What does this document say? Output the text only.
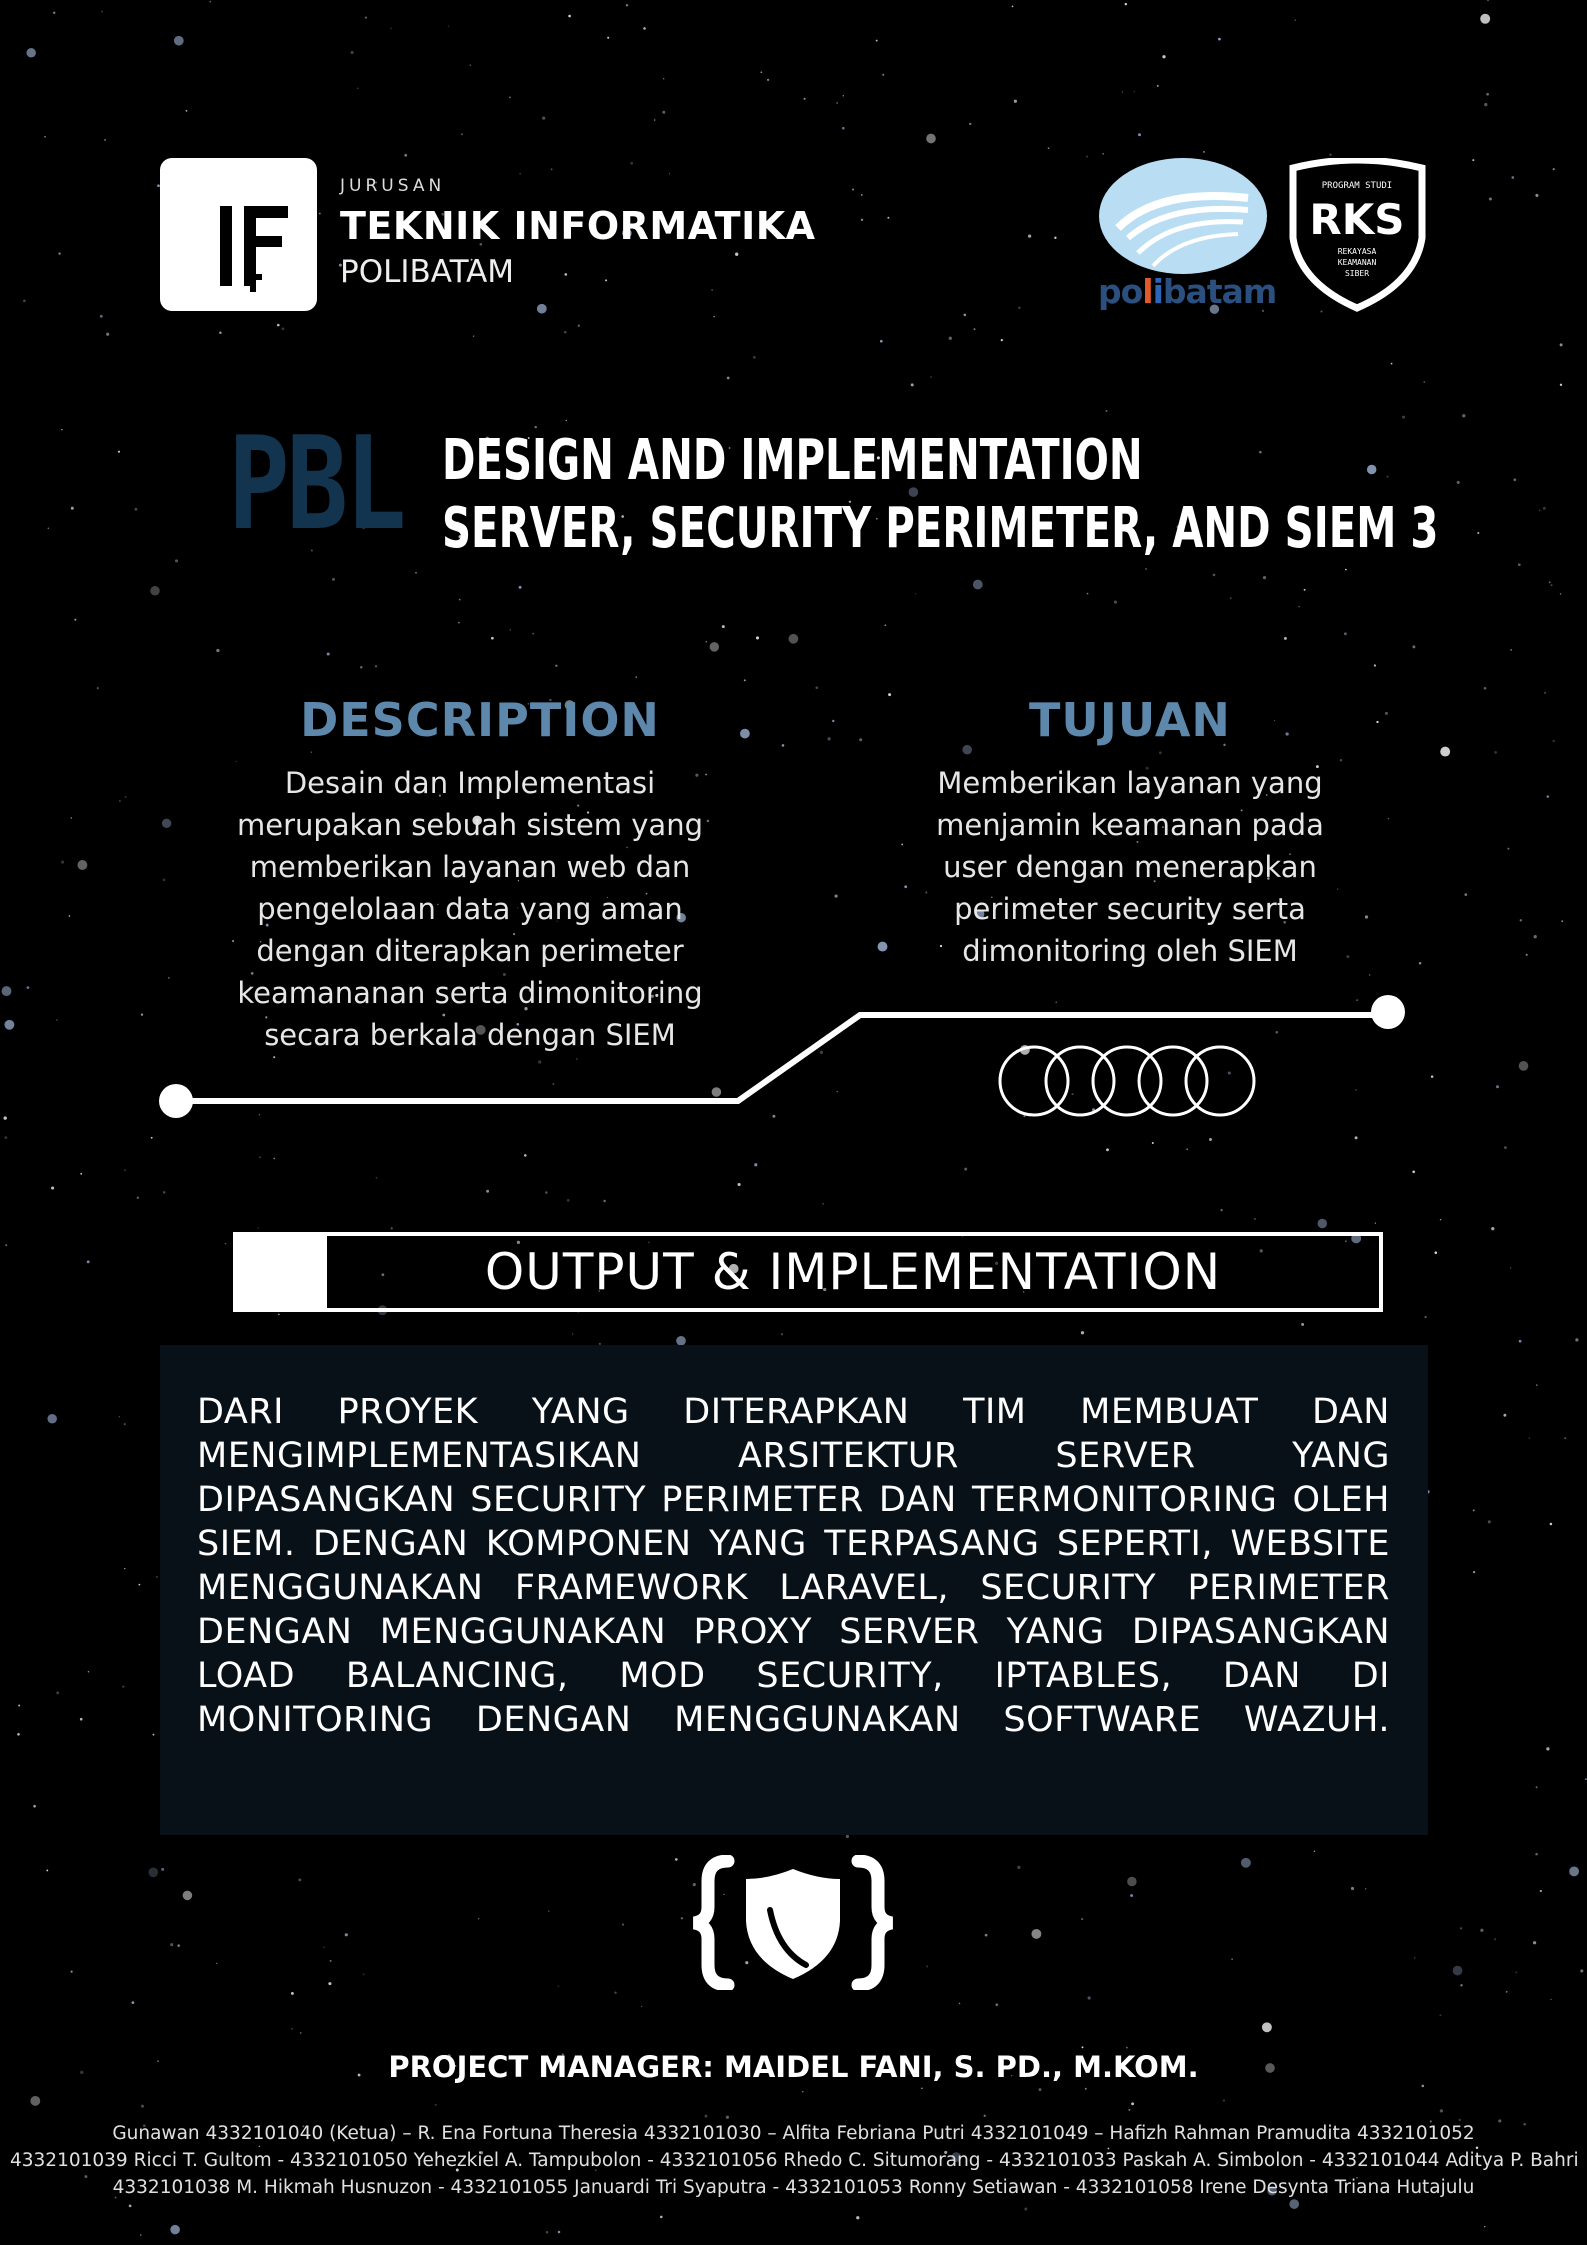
JURUSAN
TEKNIK INFORMATIKA
POLIBATAM	polibatam
PROGRAM STUDI
RKS
REKAYASA
KEAMANAN
SIBER
PBL DESIGN AND IMPLEMENTATION
SERVER, SECURITY PERIMETER, AND SIEM 3
DESCRIPTION
Desain dan Implementasi
merupakan sebuah sistem yang
memberikan layanan web dan
pengelolaan data yang aman
dengan diterapkan perimeter
keamananan serta dimonitoring
secara berkala dengan SIEM
TUJUAN
Memberikan layanan yang
menjamin keamanan pada
user dengan menerapkan
perimeter security serta
dimonitoring oleh SIEM
OUTPUT & IMPLEMENTATION
DARI PROYEK YANG DITERAPKAN TIM MEMBUAT DAN MENGIMPLEMENTASIKAN ARSITEKTUR SERVER YANG DIPASANGKAN SECURITY PERIMETER DAN TERMONITORING OLEH SIEM. DENGAN KOMPONEN YANG TERPASANG SEPERTI, WEBSITE MENGGUNAKAN FRAMEWORK LARAVEL, SECURITY PERIMETER DENGAN MENGGUNAKAN PROXY SERVER YANG DIPASANGKAN LOAD BALANCING, MOD SECURITY, IPTABLES, DAN DI MONITORING DENGAN MENGGUNAKAN SOFTWARE WAZUH.
PROJECT MANAGER: MAIDEL FANI, S. PD., M.KOM.
Gunawan 4332101040 (Ketua) – R. Ena Fortuna Theresia 4332101030 – Alfita Febriana Putri 4332101049 – Hafizh Rahman Pramudita 4332101052
4332101039 Ricci T. Gultom - 4332101050 Yehezkiel A. Tampubolon - 4332101056 Rhedo C. Situmorang - 4332101033 Paskah A. Simbolon - 4332101044 Aditya P. Bahri
4332101038 M. Hikmah Husnuzon - 4332101055 Januardi Tri Syaputra - 4332101053 Ronny Setiawan - 4332101058 Irene Desynta Triana Hutajulu
